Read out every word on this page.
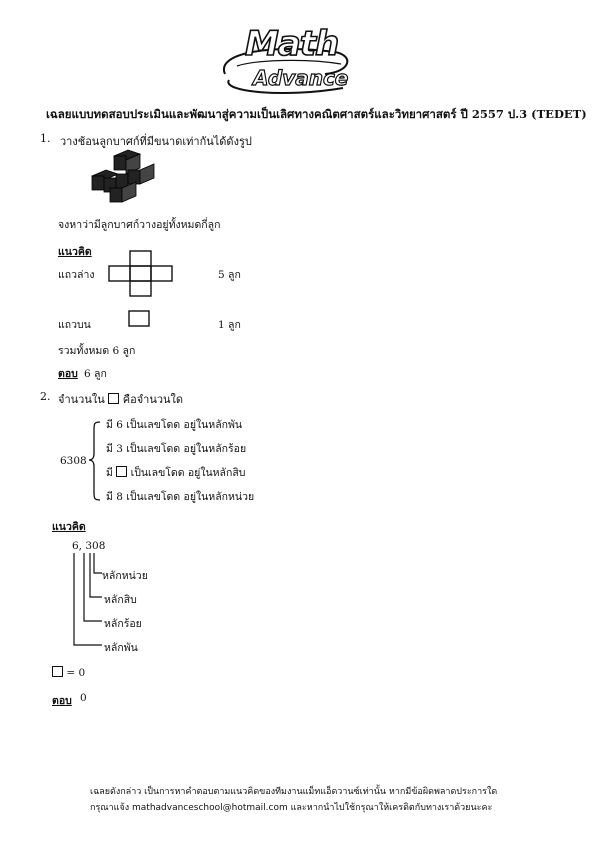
Math
Advance
เฉลยแบบทดสอบประเมินและพัฒนาสู่ความเป็นเลิศทางคณิตศาสตร์และวิทยาศาสตร์ ปี 2557 ป.3 (TEDET)
1. วางช้อนลูกบาศก์ที่มีขนาดเท่ากันได้ดังรูป
จงหาว่ามีลูกบาศก์วางอยู่ทั้งหมดกี่ลูก
แนวคิด
แถวล่าง	5 ลูก
แถวบน	1 ลูก
รวมทั้งหมด 6 ลูก
ตอบ 6 ลูก
2. จำนวนใน คือจำนวนใด
6308
มี 6 เป็นเลขโดด อยู่ในหลักพัน
มี 3 เป็นเลขโดด อยู่ในหลักร้อย
มี เป็นเลขโดด อยู่ในหลักสิบ
มี 8 เป็นเลขโดด อยู่ในหลักหน่วย
แนวคิด
6, 308
หลักหน่วย
หลักสิบ
หลักร้อย
หลักพัน
= 0
ตอบ 0
เฉลยดังกล่าว เป็นการหาคำตอบตามแนวคิดของทีมงานแม็ทแอ็ดวานซ์เท่านั้น หากมีข้อผิดพลาดประการใด
กรุณาแจ้ง mathadvanceschool@hotmail.com และหากนำไปใช้กรุณาให้เครดิตกับทางเราด้วยนะคะ
